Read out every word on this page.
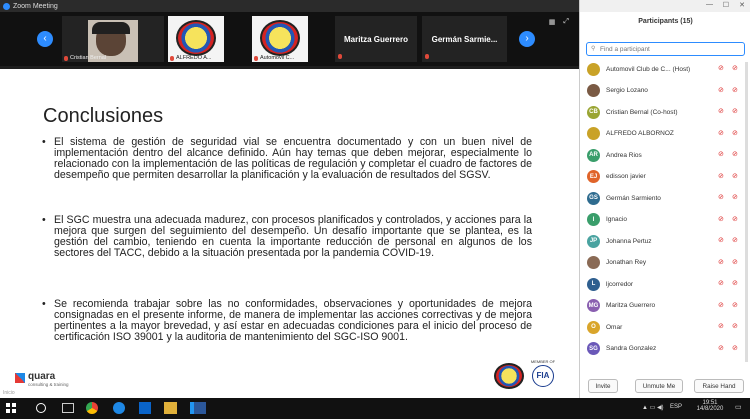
Zoom Meeting
‹
Cristian Bernal	ALFREDO A...	Automovil C...
Maritza Guerrero	Germán Sarmie...	›
▦ ⤢
Conclusiones
• El sistema de gestión de seguridad vial se encuentra documentado y con un buen nivel de implementación dentro del alcance definido. Aún hay temas que deben mejorar, especialmente lo relacionado con la implementación de las políticas de regulación y completar el cuadro de factores de desempeño que permiten desarrollar la planificación y la evaluación de resultados del SGSV.
• El SGC muestra una adecuada madurez, con procesos planificados y controlados, y acciones para la mejora que surgen del seguimiento del desempeño. Un desafío importante que se plantea, es la gestión del cambio, teniendo en cuenta la importante reducción de personal en algunos de los sectores del TACC, debido a la situación presentada por la pandemia COVID-19.
• Se recomienda trabajar sobre las no conformidades, observaciones y oportunidades de mejora consignadas en el presente informe, de manera de implementar las acciones correctivas y de mejora pertinentes a la mayor brevedad, y así estar en adecuadas condiciones para el inicio del proceso de certificación ISO 39001 y la auditoria de mantenimiento del SGC-ISO 9001.
quara
consulting & training
MEMBER OF
FIA
— ☐ ✕
Participants (15)
⚲
Find a participant
Automovil Club de C... (Host)	⊘ ⊘
Sergio Lozano	⊘ ⊘
CB	Cristian Bernal (Co-host)	⊘ ⊘
ALFREDO ALBORNOZ	⊘ ⊘
AR	Andrea Rios	⊘ ⊘
EJ	edisson javier	⊘ ⊘
GS	Germán Sarmiento	⊘ ⊘
I	Ignacio	⊘ ⊘
JP	Johanna Pertuz	⊘ ⊘
Jonathan Rey	⊘ ⊘
L	ljcorredor	⊘ ⊘
MG Maritza Guerrero	⊘ ⊘
O	Omar	⊘ ⊘
SG	Sandra Gonzalez	⊘ ⊘
Invite	Unmute Me	Raise Hand
Inicio
▲ ▭ ◀) ESP
19:51
14/8/2020	▭
